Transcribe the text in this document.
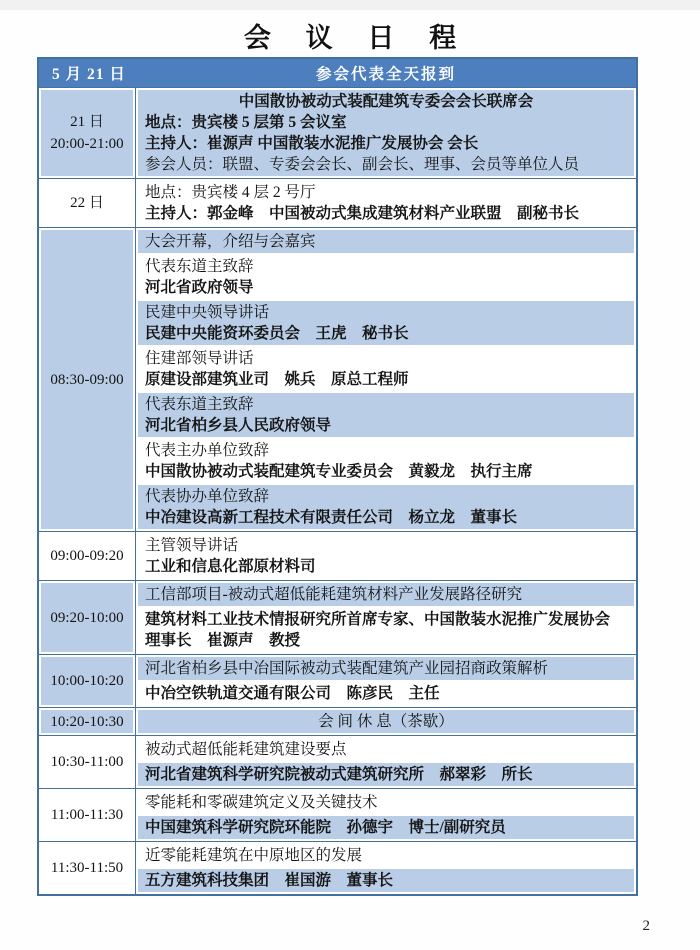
会 议 日 程
5 月 21 日	参会代表全天报到
21 日
20:00-21:00
中国散协被动式装配建筑专委会会长联席会
地点：贵宾楼 5 层第 5 会议室
主持人：崔源声 中国散装水泥推广发展协会 会长
参会人员：联盟、专委会会长、副会长、理事、会员等单位人员
22 日
地点：贵宾楼 4 层 2 号厅
主持人：郭金峰　中国被动式集成建筑材料产业联盟　副秘书长
08:30-09:00
大会开幕，介绍与会嘉宾
代表东道主致辞
河北省政府领导
民建中央领导讲话
民建中央能资环委员会　王虎　秘书长
住建部领导讲话
原建设部建筑业司　姚兵　原总工程师
代表东道主致辞
河北省柏乡县人民政府领导
代表主办单位致辞
中国散协被动式装配建筑专业委员会　黄毅龙　执行主席
代表协办单位致辞
中冶建设高新工程技术有限责任公司　杨立龙　董事长
09:00-09:20
主管领导讲话
工业和信息化部原材料司
09:20-10:00
工信部项目-被动式超低能耗建筑材料产业发展路径研究
建筑材料工业技术情报研究所首席专家、中国散装水泥推广发展协会
理事长　崔源声　教授
10:00-10:20
河北省柏乡县中冶国际被动式装配建筑产业园招商政策解析
中冶空铁轨道交通有限公司　陈彦民　主任
10:20-10:30	会 间 休 息（茶歇）
10:30-11:00
被动式超低能耗建筑建设要点
河北省建筑科学研究院被动式建筑研究所　郝翠彩　所长
11:00-11:30
零能耗和零碳建筑定义及关键技术
中国建筑科学研究院环能院　孙德宇　博士/副研究员
11:30-11:50
近零能耗建筑在中原地区的发展
五方建筑科技集团　崔国游　董事长
2
